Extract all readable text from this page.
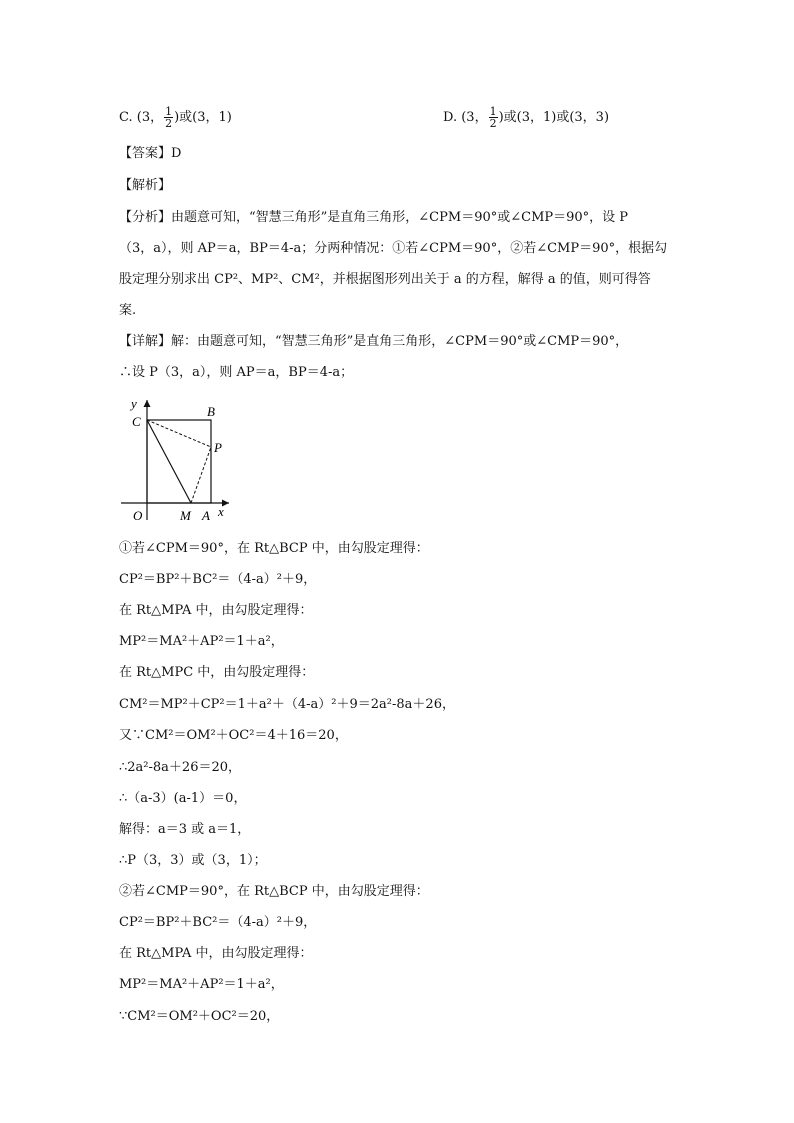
C. (3， $\frac{1}{2}$ )或(3，1)	D. (3， $\frac{1}{2}$ )或(3，1)或(3，3)
【答案】D
【解析】
【分析】由题意可知，“智慧三角形”是直角三角形，∠CPM＝90°或∠CMP＝90°，设 P
（3，a），则 AP＝a，BP＝4-a；分两种情况：①若∠CPM＝90°，②若∠CMP＝90°，根据勾
股定理分别求出 CP²、MP²、CM²，并根据图形列出关于 a 的方程，解得 a 的值，则可得答
案.
【详解】解：由题意可知，“智慧三角形”是直角三角形，∠CPM＝90°或∠CMP＝90°，
∴设 P（3，a），则 AP＝a，BP＝4-a；
y
C
B
P
O	M A x
①若∠CPM＝90°，在 Rt△BCP 中，由勾股定理得：
CP²＝BP²＋BC²＝（4-a）²＋9，
在 Rt△MPA 中，由勾股定理得：
MP²＝MA²＋AP²＝1＋a²，
在 Rt△MPC 中，由勾股定理得：
CM²＝MP²＋CP²＝1＋a²＋（4-a）²＋9＝2a²-8a＋26，
又∵CM²＝OM²＋OC²＝4＋16＝20，
∴2a²-8a＋26＝20，
∴（a-3）(a-1）＝0，
解得：a＝3 或 a＝1，
∴P（3，3）或（3，1）；
②若∠CMP＝90°，在 Rt△BCP 中，由勾股定理得：
CP²＝BP²＋BC²＝（4-a）²＋9，
在 Rt△MPA 中，由勾股定理得：
MP²＝MA²＋AP²＝1＋a²，
∵CM²＝OM²＋OC²＝20，
